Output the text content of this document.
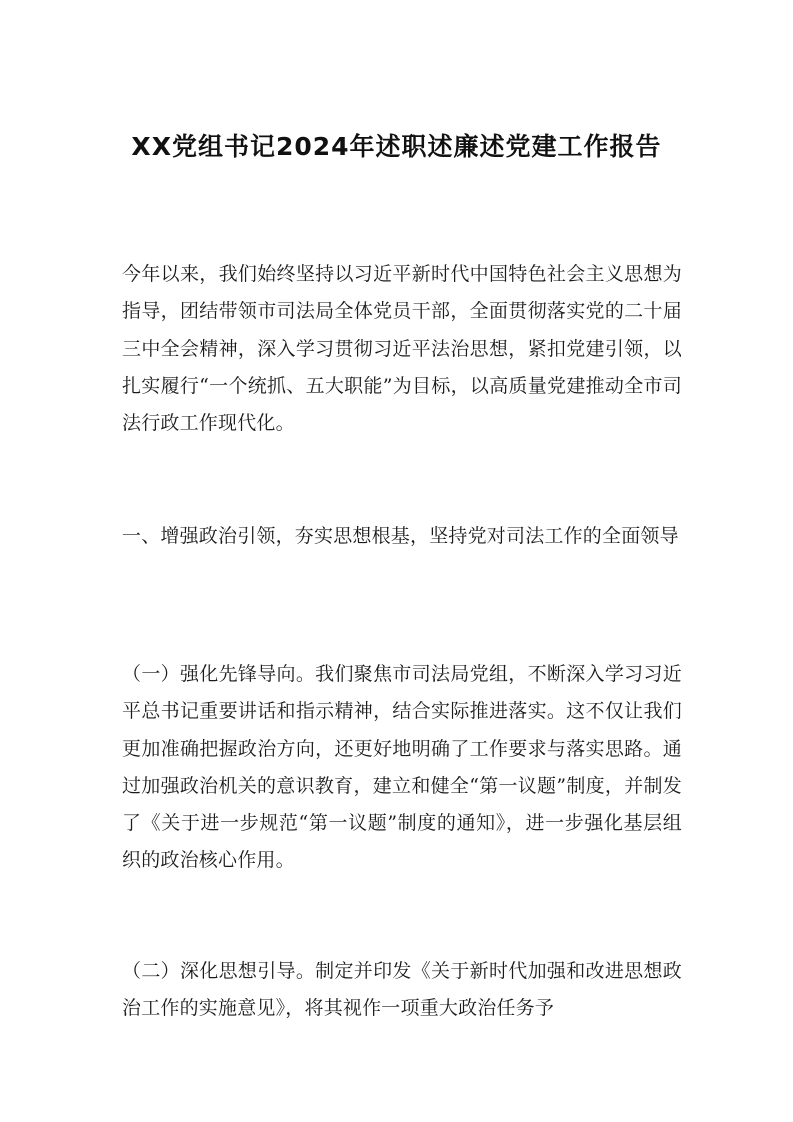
XX党组书记2024年述职述廉述党建工作报告

今年以来，我们始终坚持以习近平新时代中国特色社会主义思想为指导，团结带领市司法局全体党员干部，全面贯彻落实党的二十届三中全会精神，深入学习贯彻习近平法治思想，紧扣党建引领，以扎实履行“一个统抓、五大职能”为目标，以高质量党建推动全市司法行政工作现代化。

一、增强政治引领，夯实思想根基，坚持党对司法工作的全面领导

（一）强化先锋导向。我们聚焦市司法局党组，不断深入学习习近平总书记重要讲话和指示精神，结合实际推进落实。这不仅让我们更加准确把握政治方向，还更好地明确了工作要求与落实思路。通过加强政治机关的意识教育，建立和健全“第一议题”制度，并制发了《关于进一步规范“第一议题”制度的通知》，进一步强化基层组织的政治核心作用。

（二）深化思想引导。制定并印发《关于新时代加强和改进思想政治工作的实施意见》，将其视作一项重大政治任务予
